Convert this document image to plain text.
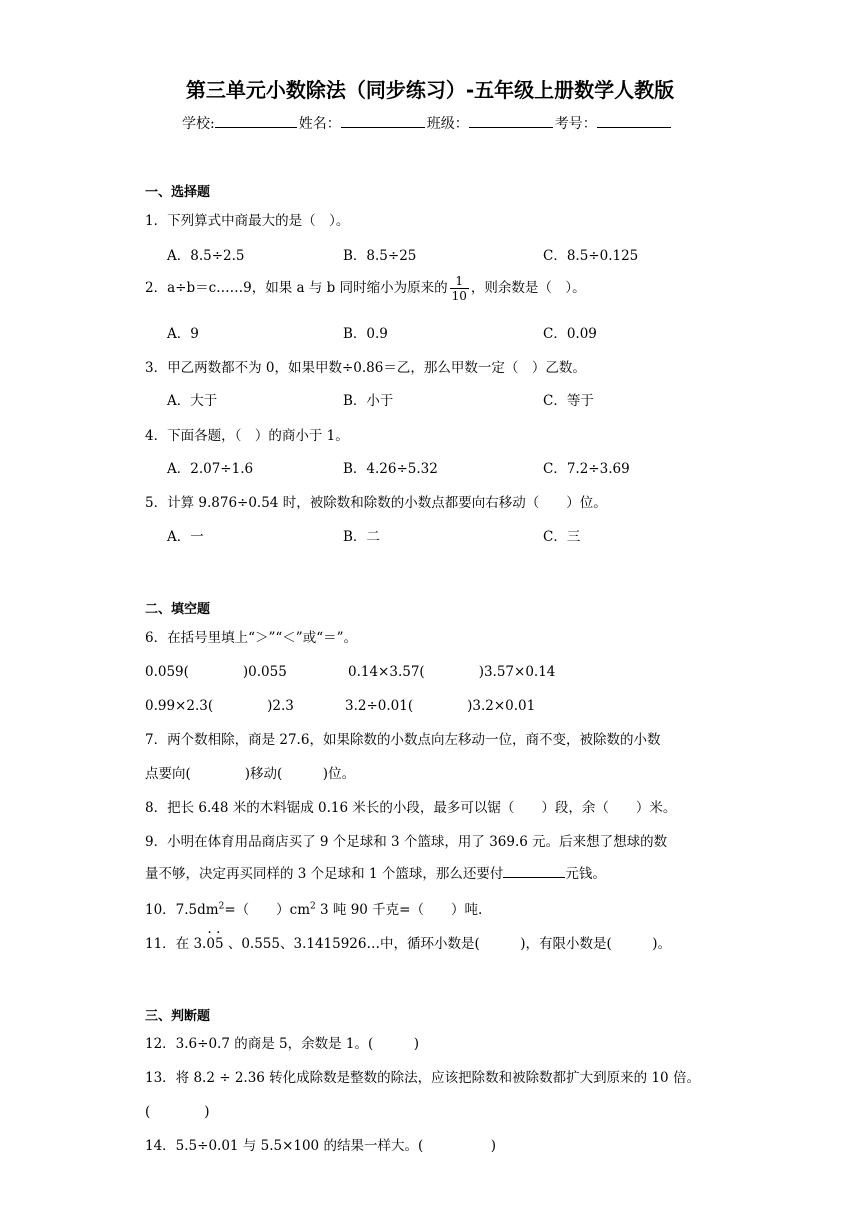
第三单元小数除法（同步练习）-五年级上册数学人教版
学校:	姓名：	班级：	考号：
一、选择题
1．下列算式中商最大的是（　）。
A．8.5÷2.5	B．8.5÷25	C．8.5÷0.125
2．a÷b＝c……9，如果 a 与 b 同时缩小为原来的 $\frac{1}{10}$ ，则余数是（　）。
A．9	B．0.9	C．0.09
3．甲乙两数都不为 0，如果甲数÷0.86＝乙，那么甲数一定（　）乙数。
A．大于	B．小于	C．等于
4．下面各题，（　）的商小于 1。
A．2.07÷1.6	B．4.26÷5.32	C．7.2÷3.69
5．计算 9.876÷0.54 时，被除数和除数的小数点都要向右移动（　　）位。
A．一	B．二	C．三
二、填空题
6．在括号里填上“＞”“＜”或“＝”。
0.059(　　　　)0.055	0.14×3.57(　　　　)3.57×0.14
0.99×2.3(　　　　)2.3	3.2÷0.01(　　　　)3.2×0.01
7．两个数相除，商是 27.6，如果除数的小数点向左移动一位，商不变，被除数的小数
点要向(　　　　)移动(　　　)位。
8．把长 6.48 米的木料锯成 0.16 米长的小段，最多可以锯（　　）段，余（　　）米。
9．小明在体育用品商店买了 9 个足球和 3 个篮球，用了 369.6 元。后来想了想球的数
量不够，决定再买同样的 3 个足球和 1 个篮球，那么还要付	元钱。
10．$7.5dm^2=$（　　）$cm^2$ 3 吨 90 千克=（　　）吨.
11．在 3.· 0· 5 、0.555、3.1415926…中，循环小数是(　　　)，有限小数是(　　　)。
三、判断题
12．3.6÷0.7 的商是 5，余数是 1。(　　　)
13．将 8.2 ÷ 2.36 转化成除数是整数的除法，应该把除数和被除数都扩大到原来的 10 倍。
(　　　　)
14．5.5÷0.01 与 5.5×100 的结果一样大。(　　　　　)
